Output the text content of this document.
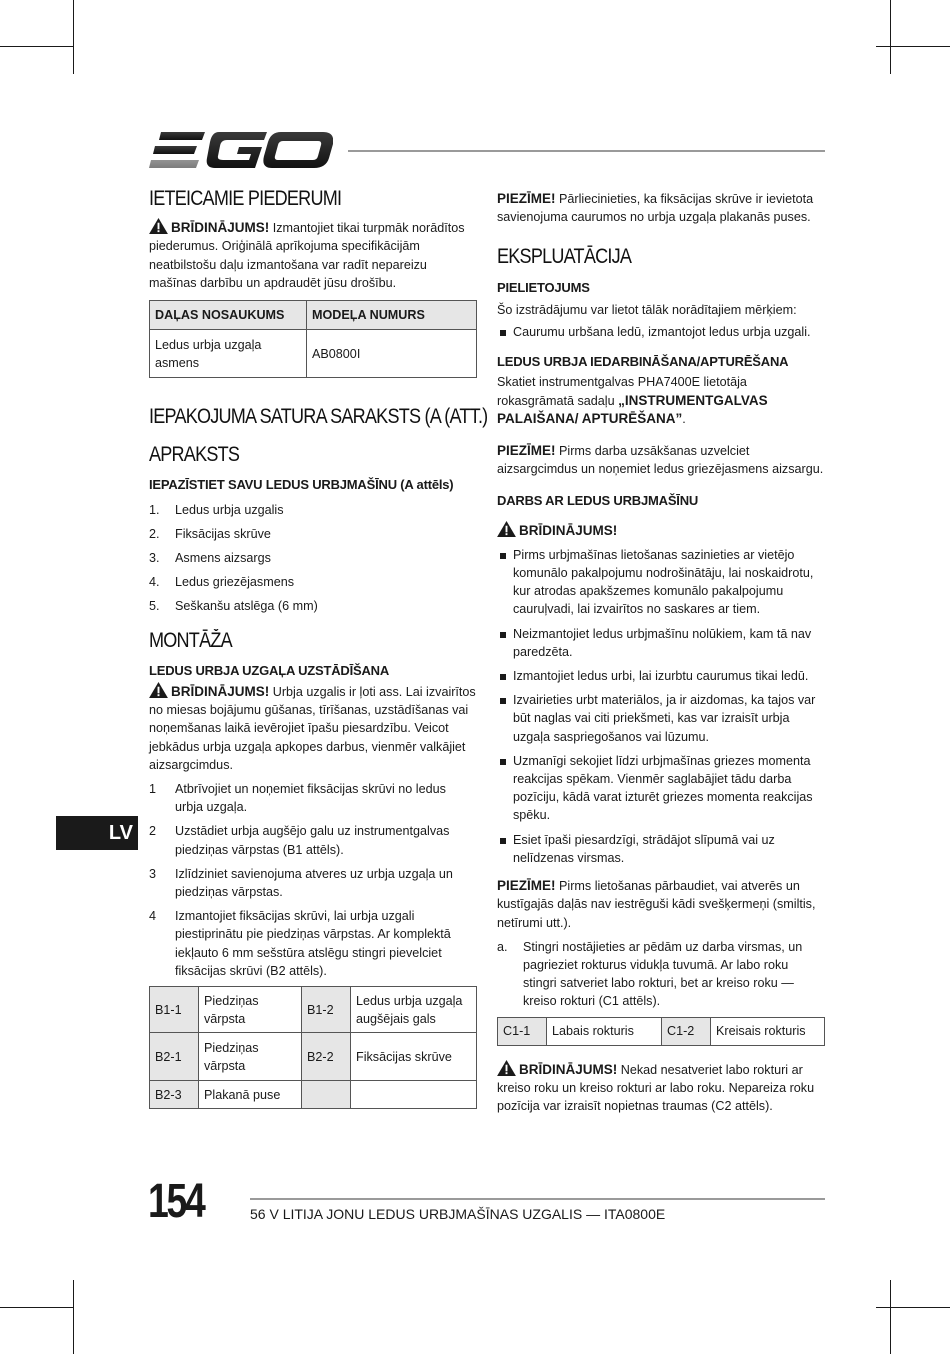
IETEICAMIE PIEDERUMI

BRĪDINĀJUMS! Izmantojiet tikai turpmāk norādītos piederumus. Oriģinālā aprīkojuma specifikācijām neatbilstošu daļu izmantošana var radīt nepareizu mašīnas darbību un apdraudēt jūsu drošību.

DAĻAS NOSAUKUMS	MODEĻA NUMURS
Ledus urbja uzgaļa asmens	AB0800I
IEPAKOJUMA SATURA SARAKSTS (A (ATT.)
APRAKSTS

IEPAZĪSTIET SAVU LEDUS URBJMAŠĪNU (A attēls)

1. Ledus urbja uzgalis
2. Fiksācijas skrūve
3. Asmens aizsargs
4. Ledus griezējasmens
5. Seškanšu atslēga (6 mm)
MONTĀŽA

LEDUS URBJA UZGAĻA UZSTĀDĪŠANA

BRĪDINĀJUMS! Urbja uzgalis ir ļoti ass. Lai izvairītos no miesas bojājumu gūšanas, tīrīšanas, uzstādīšanas vai noņemšanas laikā ievērojiet īpašu piesardzību. Veicot jebkādus urbja uzgaļa apkopes darbus, vienmēr valkājiet aizsargcimdus.

1 Atbrīvojiet un noņemiet fiksācijas skrūvi no ledus urbja uzgaļa.
2 Uzstādiet urbja augšējo galu uz instrumentgalvas piedziņas vārpstas (B1 attēls).
3 Izlīdziniet savienojuma atveres uz urbja uzgaļa un piedziņas vārpstas.
4 Izmantojiet fiksācijas skrūvi, lai urbja uzgali piestiprinātu pie piedziņas vārpstas. Ar komplektā iekļauto 6 mm sešstūra atslēgu stingri pievelciet fiksācijas skrūvi (B2 attēls).
B1-1	Piedziņas vārpsta	B1-2	Ledus urbja uzgaļa augšējais gals
B2-1	Piedziņas vārpsta	B2-2	Fiksācijas skrūve
B2-3	Plakanā puse		

PIEZĪME! Pārliecinieties, ka fiksācijas skrūve ir ievietota savienojuma caurumos no urbja uzgaļa plakanās puses.

EKSPLUATĀCIJA

PIELIETOJUMS

Šo izstrādājumu var lietot tālāk norādītajiem mērķiem:

Caurumu urbšana ledū, izmantojot ledus urbja uzgali.

LEDUS URBJA IEDARBINĀŠANA/APTURĒŠANA

Skatiet instrumentgalvas PHA7400E lietotāja rokasgrāmatā sadaļu „INSTRUMENTGALVAS PALAIŠANA/ APTURĒŠANA”.

PIEZĪME! Pirms darba uzsākšanas uzvelciet aizsargcimdus un noņemiet ledus griezējasmens aizsargu.

DARBS AR LEDUS URBJMAŠĪNU

BRĪDINĀJUMS!

Pirms urbjmašīnas lietošanas sazinieties ar vietējo komunālo pakalpojumu nodrošinātāju, lai noskaidrotu, kur atrodas apakšzemes komunālo pakalpojumu cauruļvadi, lai izvairītos no saskares ar tiem.
Neizmantojiet ledus urbjmašīnu nolūkiem, kam tā nav paredzēta.
Izmantojiet ledus urbi, lai izurbtu caurumus tikai ledū.
Izvairieties urbt materiālos, ja ir aizdomas, ka tajos var būt naglas vai citi priekšmeti, kas var izraisīt urbja uzgaļa saspriegošanos vai lūzumu.
Uzmanīgi sekojiet līdzi urbjmašīnas griezes momenta reakcijas spēkam. Vienmēr saglabājiet tādu darba pozīciju, kādā varat izturēt griezes momenta reakcijas spēku.
Esiet īpaši piesardzīgi, strādājot slīpumā vai uz nelīdzenas virsmas.

PIEZĪME! Pirms lietošanas pārbaudiet, vai atverēs un kustīgajās daļās nav iestrēguši kādi svešķermeņi (smiltis, netīrumi utt.).

a. Stingri nostājieties ar pēdām uz darba virsmas, un pagrieziet rokturus vidukļa tuvumā. Ar labo roku stingri satveriet labo rokturi, bet ar kreiso roku — kreiso rokturi (C1 attēls).
C1-1	Labais rokturis	C1-2	Kreisais rokturis

BRĪDINĀJUMS! Nekad nesatveriet labo rokturi ar kreiso roku un kreiso rokturi ar labo roku. Nepareiza roku pozīcija var izraisīt nopietnas traumas (C2 attēls).

LV
154	56 V LITIJA JONU LEDUS URBJMAŠĪNAS UZGALIS — ITA0800E
